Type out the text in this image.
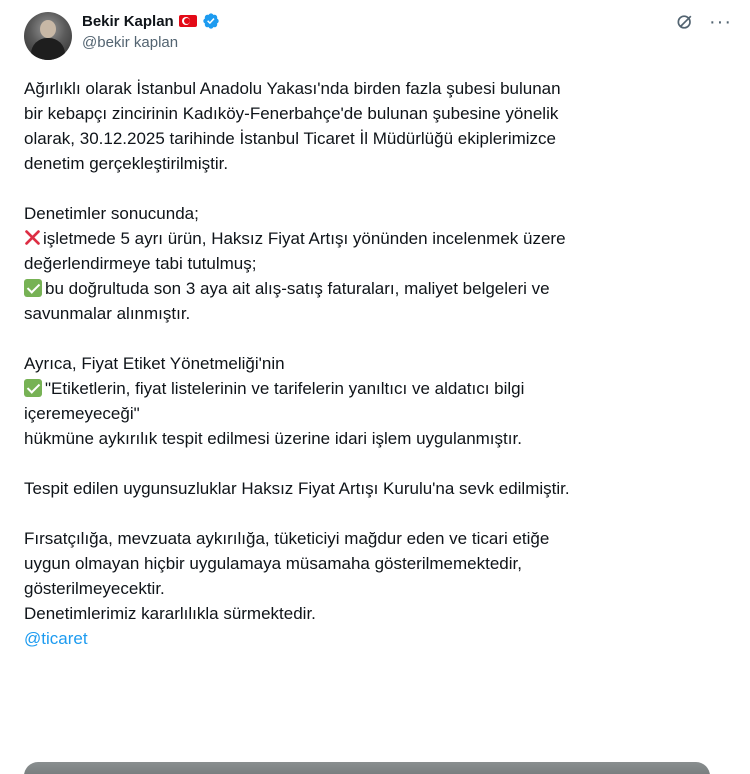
Bekir Kaplan
@bekir kaplan
···

Ağırlıklı olarak İstanbul Anadolu Yakası'nda birden fazla şubesi bulunan

bir kebapçı zincirinin Kadıköy-Fenerbahçe'de bulunan şubesine yönelik

olarak, 30.12.2025 tarihinde İstanbul Ticaret İl Müdürlüğü ekiplerimizce

denetim gerçekleştirilmiştir.

Denetimler sonucunda;

işletmede 5 ayrı ürün, Haksız Fiyat Artışı yönünden incelenmek üzere

değerlendirmeye tabi tutulmuş;

bu doğrultuda son 3 aya ait alış-satış faturaları, maliyet belgeleri ve

savunmalar alınmıştır.

Ayrıca, Fiyat Etiket Yönetmeliği'nin

"Etiketlerin, fiyat listelerinin ve tarifelerin yanıltıcı ve aldatıcı bilgi

içeremeyeceği"

hükmüne aykırılık tespit edilmesi üzerine idari işlem uygulanmıştır.

Tespit edilen uygunsuzluklar Haksız Fiyat Artışı Kurulu'na sevk edilmiştir.

Fırsatçılığa, mevzuata aykırılığa, tüketiciyi mağdur eden ve ticari etiğe

uygun olmayan hiçbir uygulamaya müsamaha gösterilmemektedir,

gösterilmeyecektir.

Denetimlerimiz kararlılıkla sürmektedir.

@ticaret
